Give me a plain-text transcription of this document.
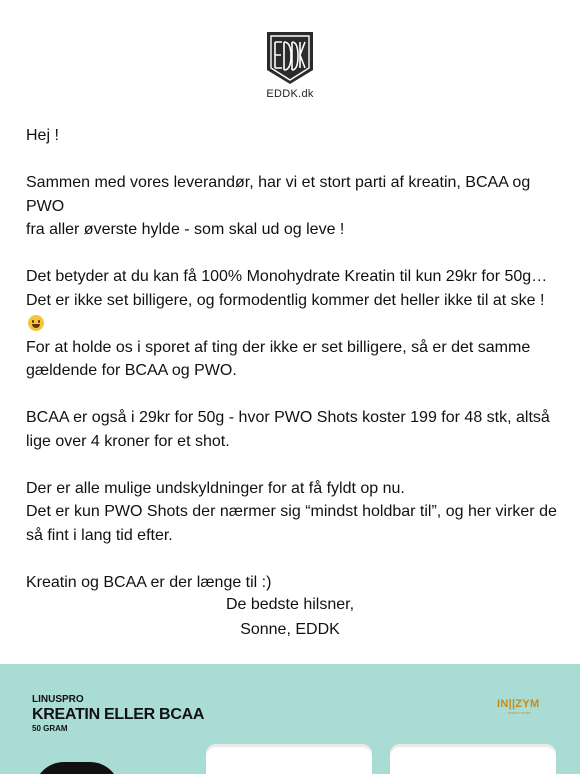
EDDK.dk

Hej !

Sammen med vores leverandør, har vi et stort parti af kreatin, BCAA og PWO
fra aller øverste hylde - som skal ud og leve !

Det betyder at du kan få 100% Monohydrate Kreatin til kun 29kr for 50g…
Det er ikke set billigere, og formodentlig kommer det heller ikke til at ske !
For at holde os i sporet af ting der ikke er set billigere, så er det samme
gældende for BCAA og PWO.

BCAA er også i 29kr for 50g - hvor PWO Shots koster 199 for 48 stk, altså
lige over 4 kroner for et shot.

Der er alle mulige undskyldninger for at få fyldt op nu.
Det er kun PWO Shots der nærmer sig “mindst holdbar til”, og her virker de
så fint i lang tid efter.

Kreatin og BCAA er der længe til :)

De bedste hilsner,
Sonne, EDDK
LINUSPRO
KREATIN ELLER BCAA
50 GRAM
IN||ZYM
NORDIC SPORT
